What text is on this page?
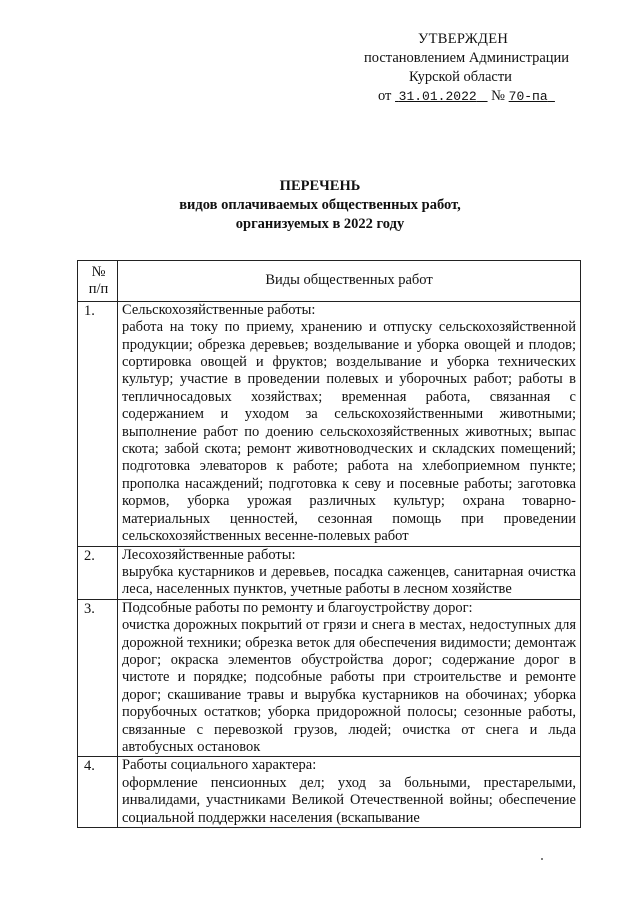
УТВЕРЖДЕН
постановлением Администрации
Курской области
от 31.01.2022 № 70-па
ПЕРЕЧЕНЬ
видов оплачиваемых общественных работ,
организуемых в 2022 году
№ п/п	Виды общественных работ
1.	Сельскохозяйственные работы:
работа на току по приему, хранению и отпуску сельскохозяйственной продукции; обрезка деревьев; возделывание и уборка овощей и плодов; сортировка овощей и фруктов; возделывание и уборка технических культур; участие в проведении полевых и уборочных работ; работы в тепличносадовых хозяйствах; временная работа, связанная с содержанием и уходом за сельскохозяйственными животными; выполнение работ по доению сельскохозяйственных животных; выпас скота; забой скота; ремонт животноводческих и складских помещений; подготовка элеваторов к работе; работа на хлебоприемном пункте; прополка насаждений; подготовка к севу и посевные работы; заготовка кормов, уборка урожая различных культур; охрана товарно-материальных ценностей, сезонная помощь при проведении сельскохозяйственных весенне-полевых работ

2.	Лесохозяйственные работы:
вырубка кустарников и деревьев, посадка саженцев, санитарная очистка леса, населенных пунктов, учетные работы в лесном хозяйстве

3.	Подсобные работы по ремонту и благоустройству дорог:
очистка дорожных покрытий от грязи и снега в местах, недоступных для дорожной техники; обрезка веток для обеспечения видимости; демонтаж дорог; окраска элементов обустройства дорог; содержание дорог в чистоте и порядке; подсобные работы при строительстве и ремонте дорог; скашивание травы и вырубка кустарников на обочинах; уборка порубочных остатков; уборка придорожной полосы; сезонные работы, связанные с перевозкой грузов, людей; очистка от снега и льда автобусных остановок

4.	Работы социального характера:
оформление пенсионных дел; уход за больными, престарелыми, инвалидами, участниками Великой Отечественной войны; обеспечение социальной поддержки населения (вскапывание
